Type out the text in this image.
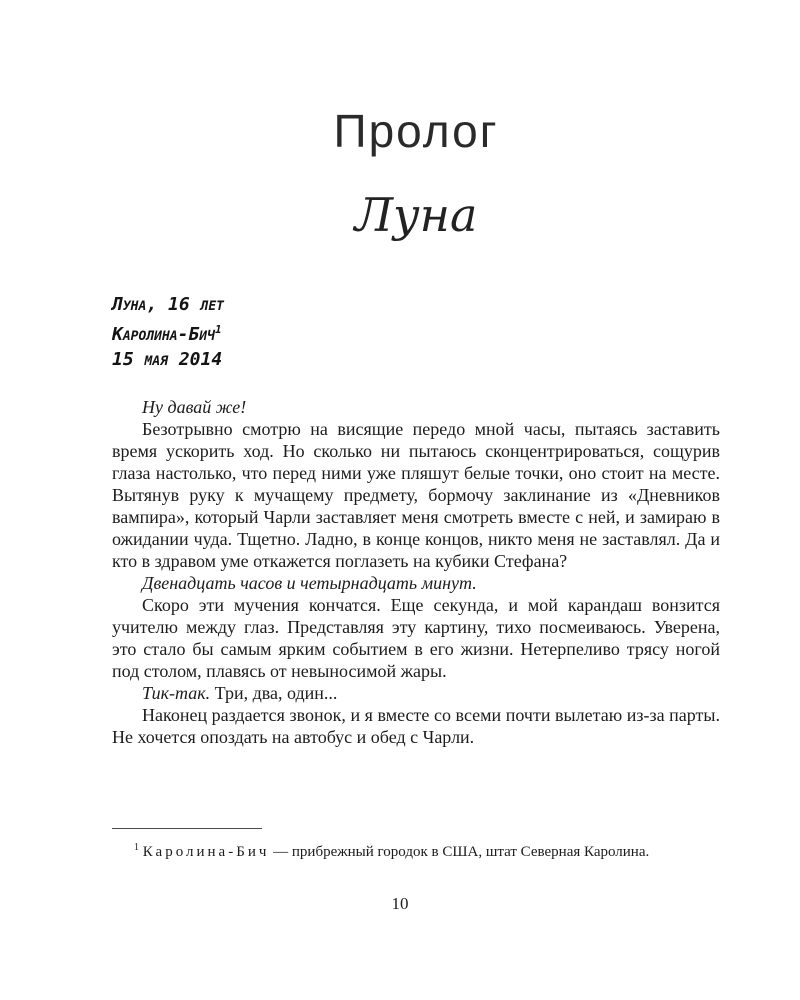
Пролог
Луна
Луна, 16 лет
Каролина-Бич$^1$
15 мая 2014

Ну давай же!

Безотрывно смотрю на висящие передо мной часы, пытаясь заставить время ускорить ход. Но сколько ни пытаюсь сконцентрироваться, сощурив глаза настолько, что перед ними уже пляшут белые точки, оно стоит на месте. Вытянув руку к мучащему предмету, бормочу заклинание из «Дневников вампира», который Чарли заставляет меня смотреть вместе с ней, и замираю в ожидании чуда. Тщетно. Ладно, в конце концов, никто меня не заставлял. Да и кто в здравом уме откажется поглазеть на кубики Стефана?

Двенадцать часов и четырнадцать минут.

Скоро эти мучения кончатся. Еще секунда, и мой карандаш вонзится учителю между глаз. Представляя эту картину, тихо посмеиваюсь. Уверена, это стало бы самым ярким событием в его жизни. Нетерпеливо трясу ногой под столом, плавясь от невыносимой жары.

Тик-так. Три, два, один...

Наконец раздается звонок, и я вместе со всеми почти вылетаю из-за парты. Не хочется опоздать на автобус и обед с Чарли.

$^1$ Каролина-Бич — прибрежный городок в США, штат Северная Каролина.

10
